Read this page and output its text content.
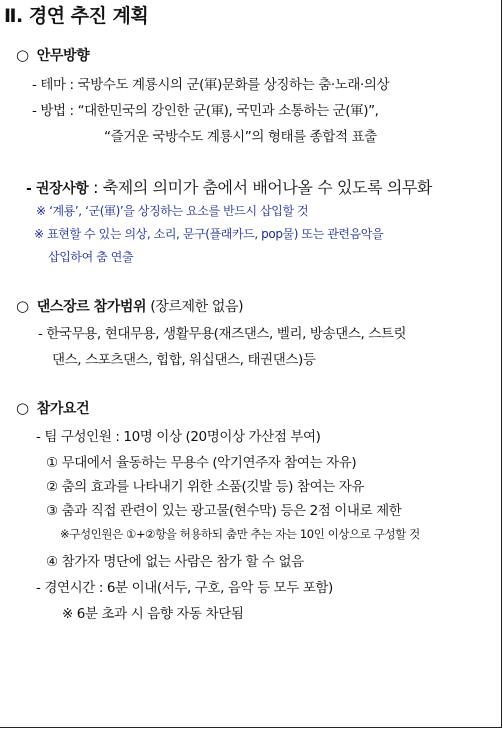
Ⅱ. 경연 추진 계획
○ 안무방향
- 테마 : 국방수도 계룡시의 군(軍)문화를 상징하는 춤·노래·의상
- 방법 : “대한민국의 강인한 군(軍), 국민과 소통하는 군(軍)”,
“즐거운 국방수도 계룡시”의 형태를 종합적 표출
- 권장사항 : 축제의 의미가 춤에서 배어나올 수 있도록 의무화
※ ‘계룡’, ‘군(軍)’을 상징하는 요소를 반드시 삽입할 것
※ 표현할 수 있는 의상, 소리, 문구(플래카드, pop물) 또는 관련음악을
삽입하여 춤 연출
○ 댄스장르 참가범위 (장르제한 없음)
- 한국무용, 현대무용, 생활무용(재즈댄스, 벨리, 방송댄스, 스트릿
댄스, 스포츠댄스, 힙합, 워십댄스, 태권댄스)등
○ 참가요건
- 팀 구성인원 : 10명 이상 (20명이상 가산점 부여)
① 무대에서 율동하는 무용수 (악기연주자 참여는 자유)
② 춤의 효과를 나타내기 위한 소품(깃발 등) 참여는 자유
③ 춤과 직접 관련이 있는 광고물(현수막) 등은 2점 이내로 제한
※구성인원은 ①+②항을 허용하되 춤만 추는 자는 10인 이상으로 구성할 것
④ 참가자 명단에 없는 사람은 참가 할 수 없음
- 경연시간 : 6분 이내(서두, 구호, 음악 등 모두 포함)
※ 6분 초과 시 음향 자동 차단됨
